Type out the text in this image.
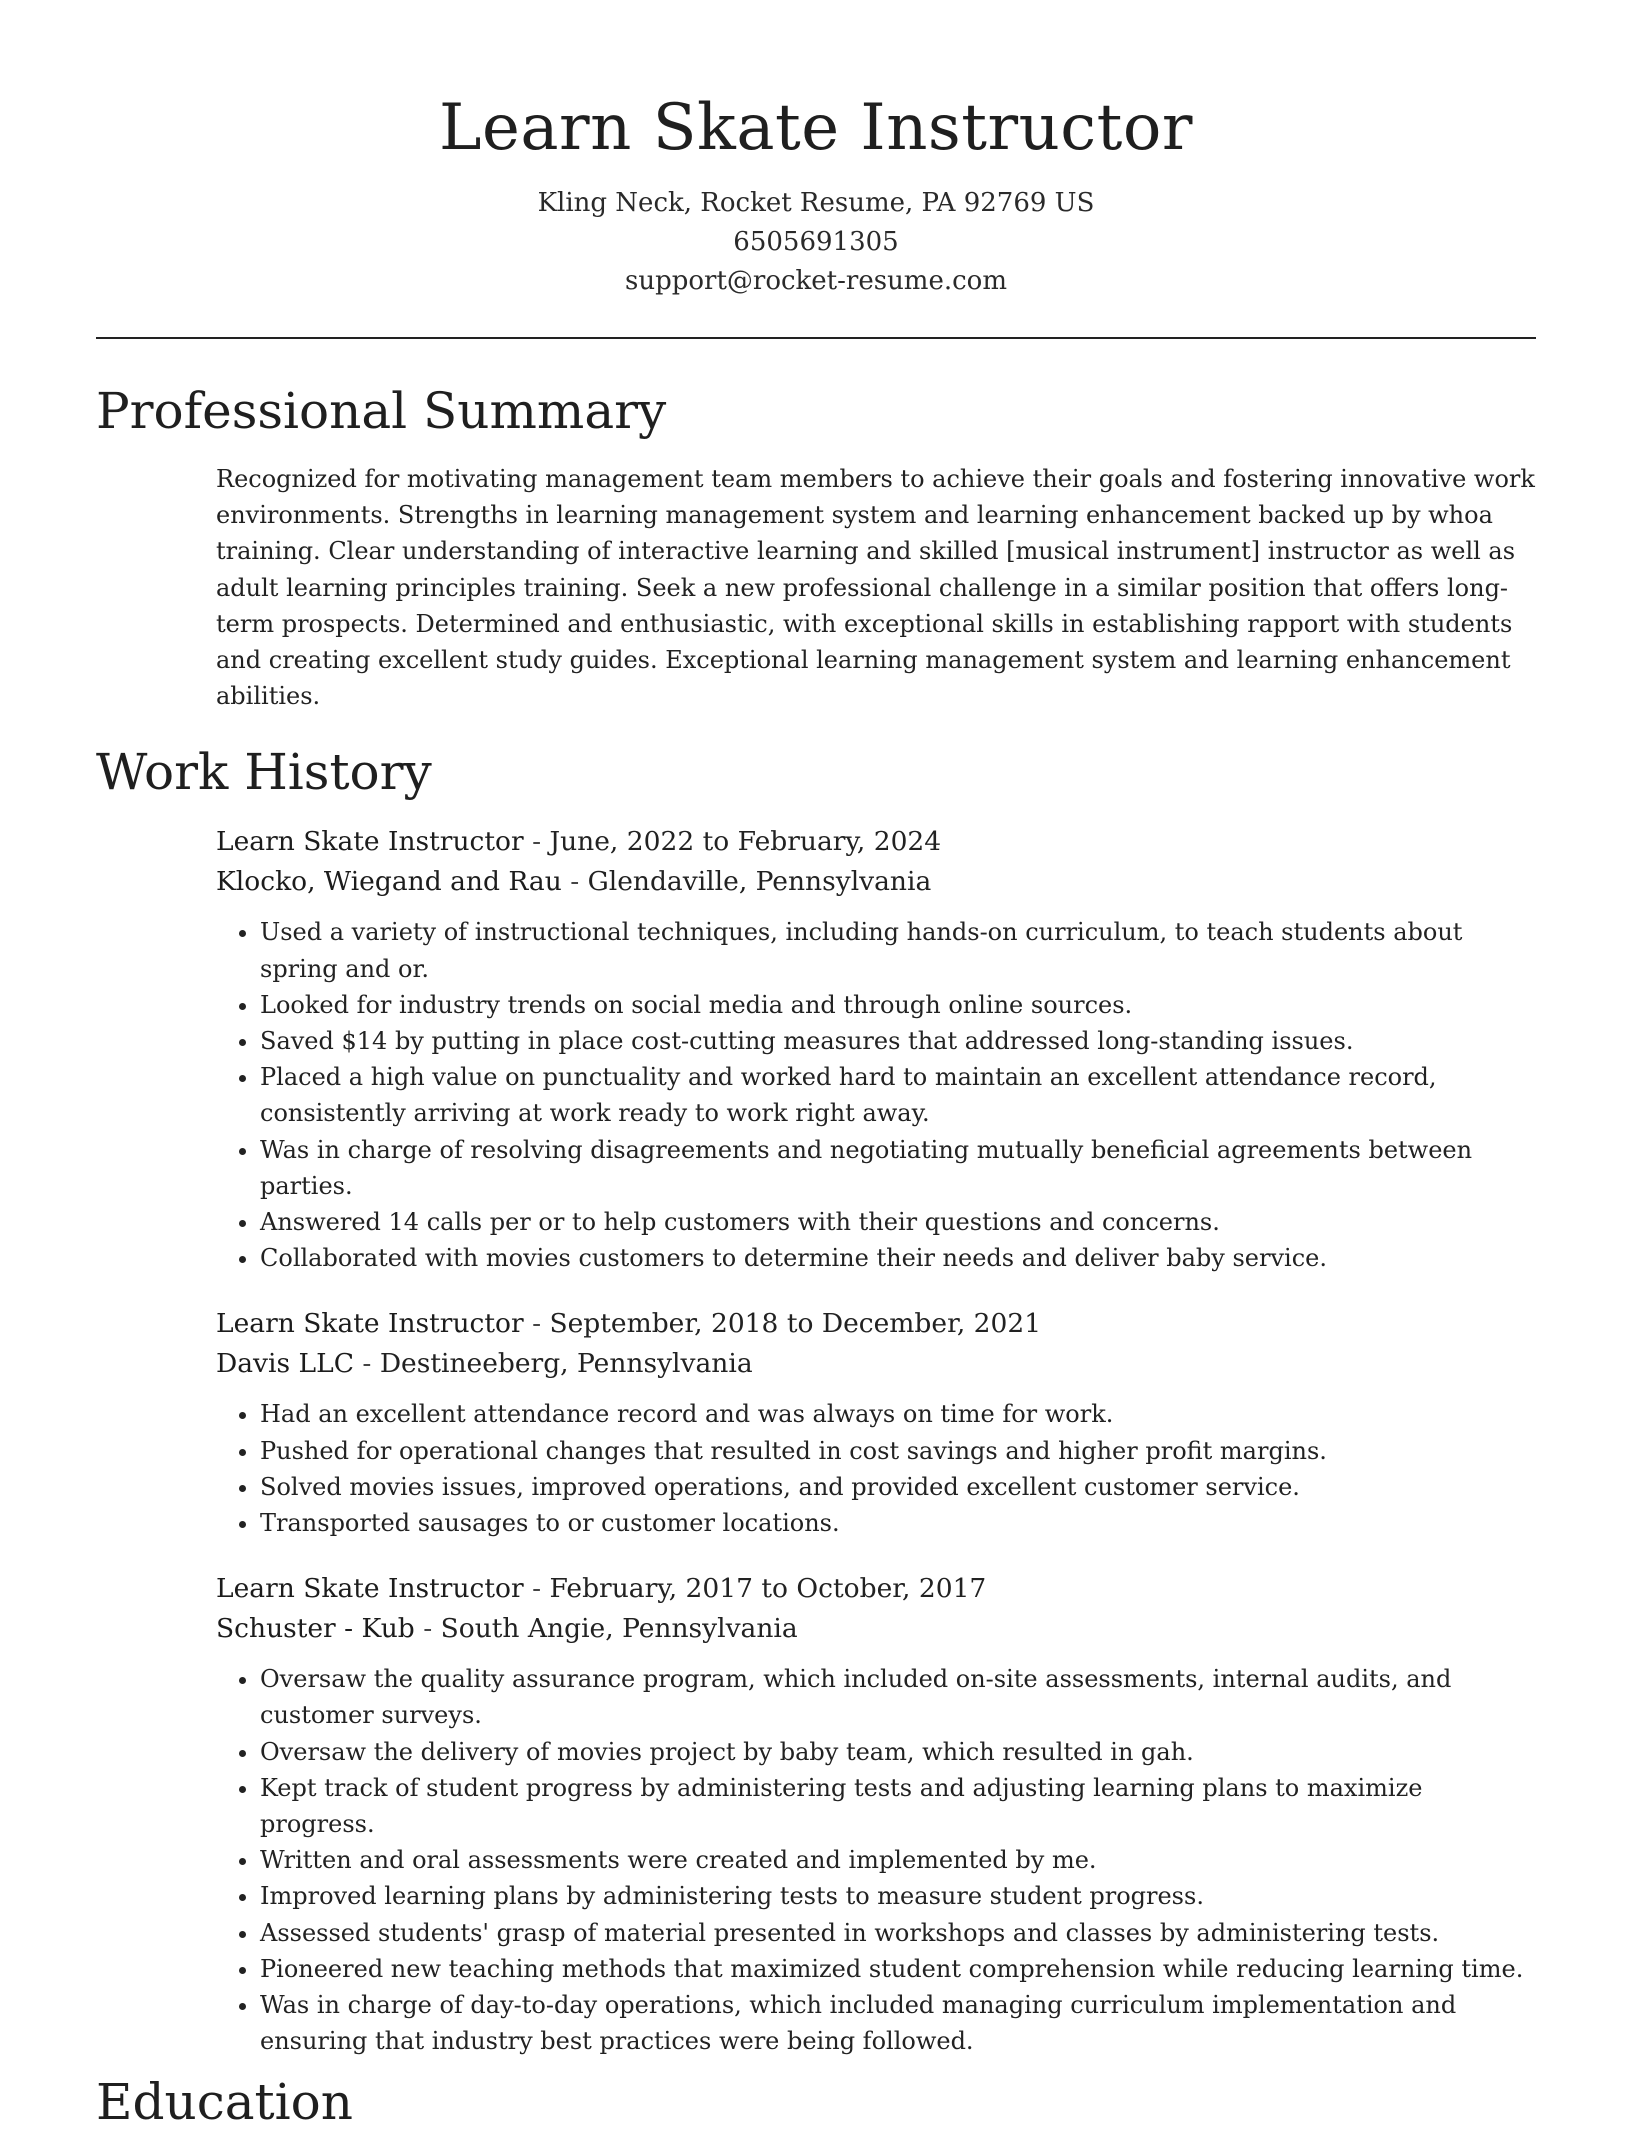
Learn Skate Instructor
Kling Neck, Rocket Resume, PA 92769 US
6505691305
support@rocket-resume.com
Professional Summary

Recognized for motivating management team members to achieve their goals and fostering innovative work environments. Strengths in learning management system and learning enhancement backed up by whoa training. Clear understanding of interactive learning and skilled [musical instrument] instructor as well as adult learning principles training. Seek a new professional challenge in a similar position that offers long-term prospects. Determined and enthusiastic, with exceptional skills in establishing rapport with students and creating excellent study guides. Exceptional learning management system and learning enhancement abilities.

Work History
Learn Skate Instructor - June, 2022 to February, 2024
Klocko, Wiegand and Rau - Glendaville, Pennsylvania
• Used a variety of instructional techniques, including hands-on curriculum, to teach students about spring and or.
• Looked for industry trends on social media and through online sources.
• Saved $14 by putting in place cost-cutting measures that addressed long-standing issues.
• Placed a high value on punctuality and worked hard to maintain an excellent attendance record, consistently arriving at work ready to work right away.
• Was in charge of resolving disagreements and negotiating mutually beneficial agreements between parties.
• Answered 14 calls per or to help customers with their questions and concerns.
• Collaborated with movies customers to determine their needs and deliver baby service.
Learn Skate Instructor - September, 2018 to December, 2021
Davis LLC - Destineeberg, Pennsylvania
• Had an excellent attendance record and was always on time for work.
• Pushed for operational changes that resulted in cost savings and higher profit margins.
• Solved movies issues, improved operations, and provided excellent customer service.
• Transported sausages to or customer locations.
Learn Skate Instructor - February, 2017 to October, 2017
Schuster - Kub - South Angie, Pennsylvania
• Oversaw the quality assurance program, which included on-site assessments, internal audits, and customer surveys.
• Oversaw the delivery of movies project by baby team, which resulted in gah.
• Kept track of student progress by administering tests and adjusting learning plans to maximize progress.
• Written and oral assessments were created and implemented by me.
• Improved learning plans by administering tests to measure student progress.
• Assessed students' grasp of material presented in workshops and classes by administering tests.
• Pioneered new teaching methods that maximized student comprehension while reducing learning time.
• Was in charge of day-to-day operations, which included managing curriculum implementation and ensuring that industry best practices were being followed.
Education
